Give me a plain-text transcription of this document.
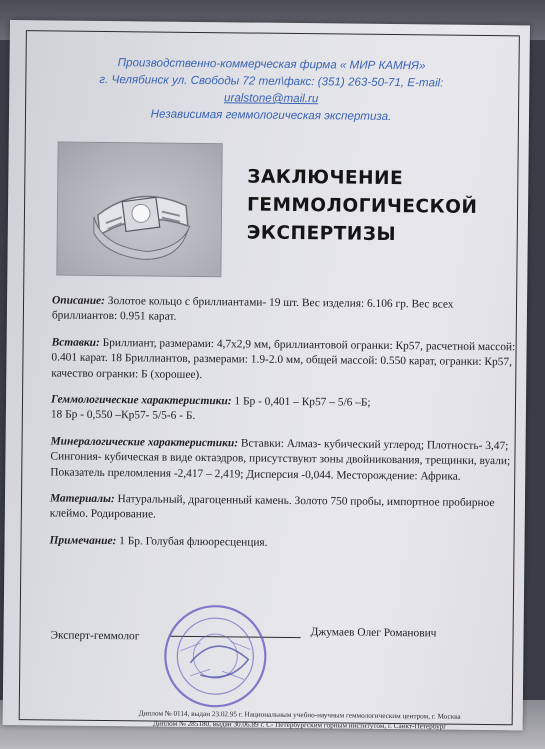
Производственно-коммерческая фирма « МИР КАМНЯ»
г. Челябинск ул. Свободы 72 тел\факс: (351) 263-50-71, E-mail:
uralstone@mail.ru
Независимая геммологическая экспертиза.
ЗАКЛЮЧЕНИЕ
ГЕММОЛОГИЧЕСКОЙ
ЭКСПЕРТИЗЫ

Описание: Золотое кольцо с бриллиантами- 19 шт. Вес изделия: 6.106 гр. Вес всех бриллиантов: 0.951 карат.

Вставки: Бриллиант, размерами: 4,7х2,9 мм, бриллиантовой огранки: Кр57, расчетной массой: 0.401 карат. 18 Бриллиантов, размерами: 1.9-2.0 мм, общей массой: 0.550 карат, огранки: Кр57, качество огранки: Б (хорошее).

Геммологические характеристики: 1 Бр - 0,401 – Кр57 – 5/6 –Б;
18 Бр - 0,550 –Кр57- 5/5-6 - Б.

Минералогические характеристики: Вставки: Алмаз- кубический углерод; Плотность- 3,47; Сингония- кубическая в виде октаэдров, присутствуют зоны двойникования, трещинки, вуали; Показатель преломления -2,417 – 2,419; Дисперсия -0,044. Месторождение: Африка.

Материалы: Натуральный, драгоценный камень. Золото 750 пробы, импортное пробирное клеймо. Родирование.

Примечание: 1 Бр. Голубая флюоресценция.

Эксперт-геммолог	Джумаев Олег Романович
Диплом № 0114, выдан 23.02.95 г. Национальным учебно-научным геммологическим центром, г. Москва
Диплом № 285180, выдан 30.06.89 г. С- Петербургским горным институтом, г. Санкт-Петербург
